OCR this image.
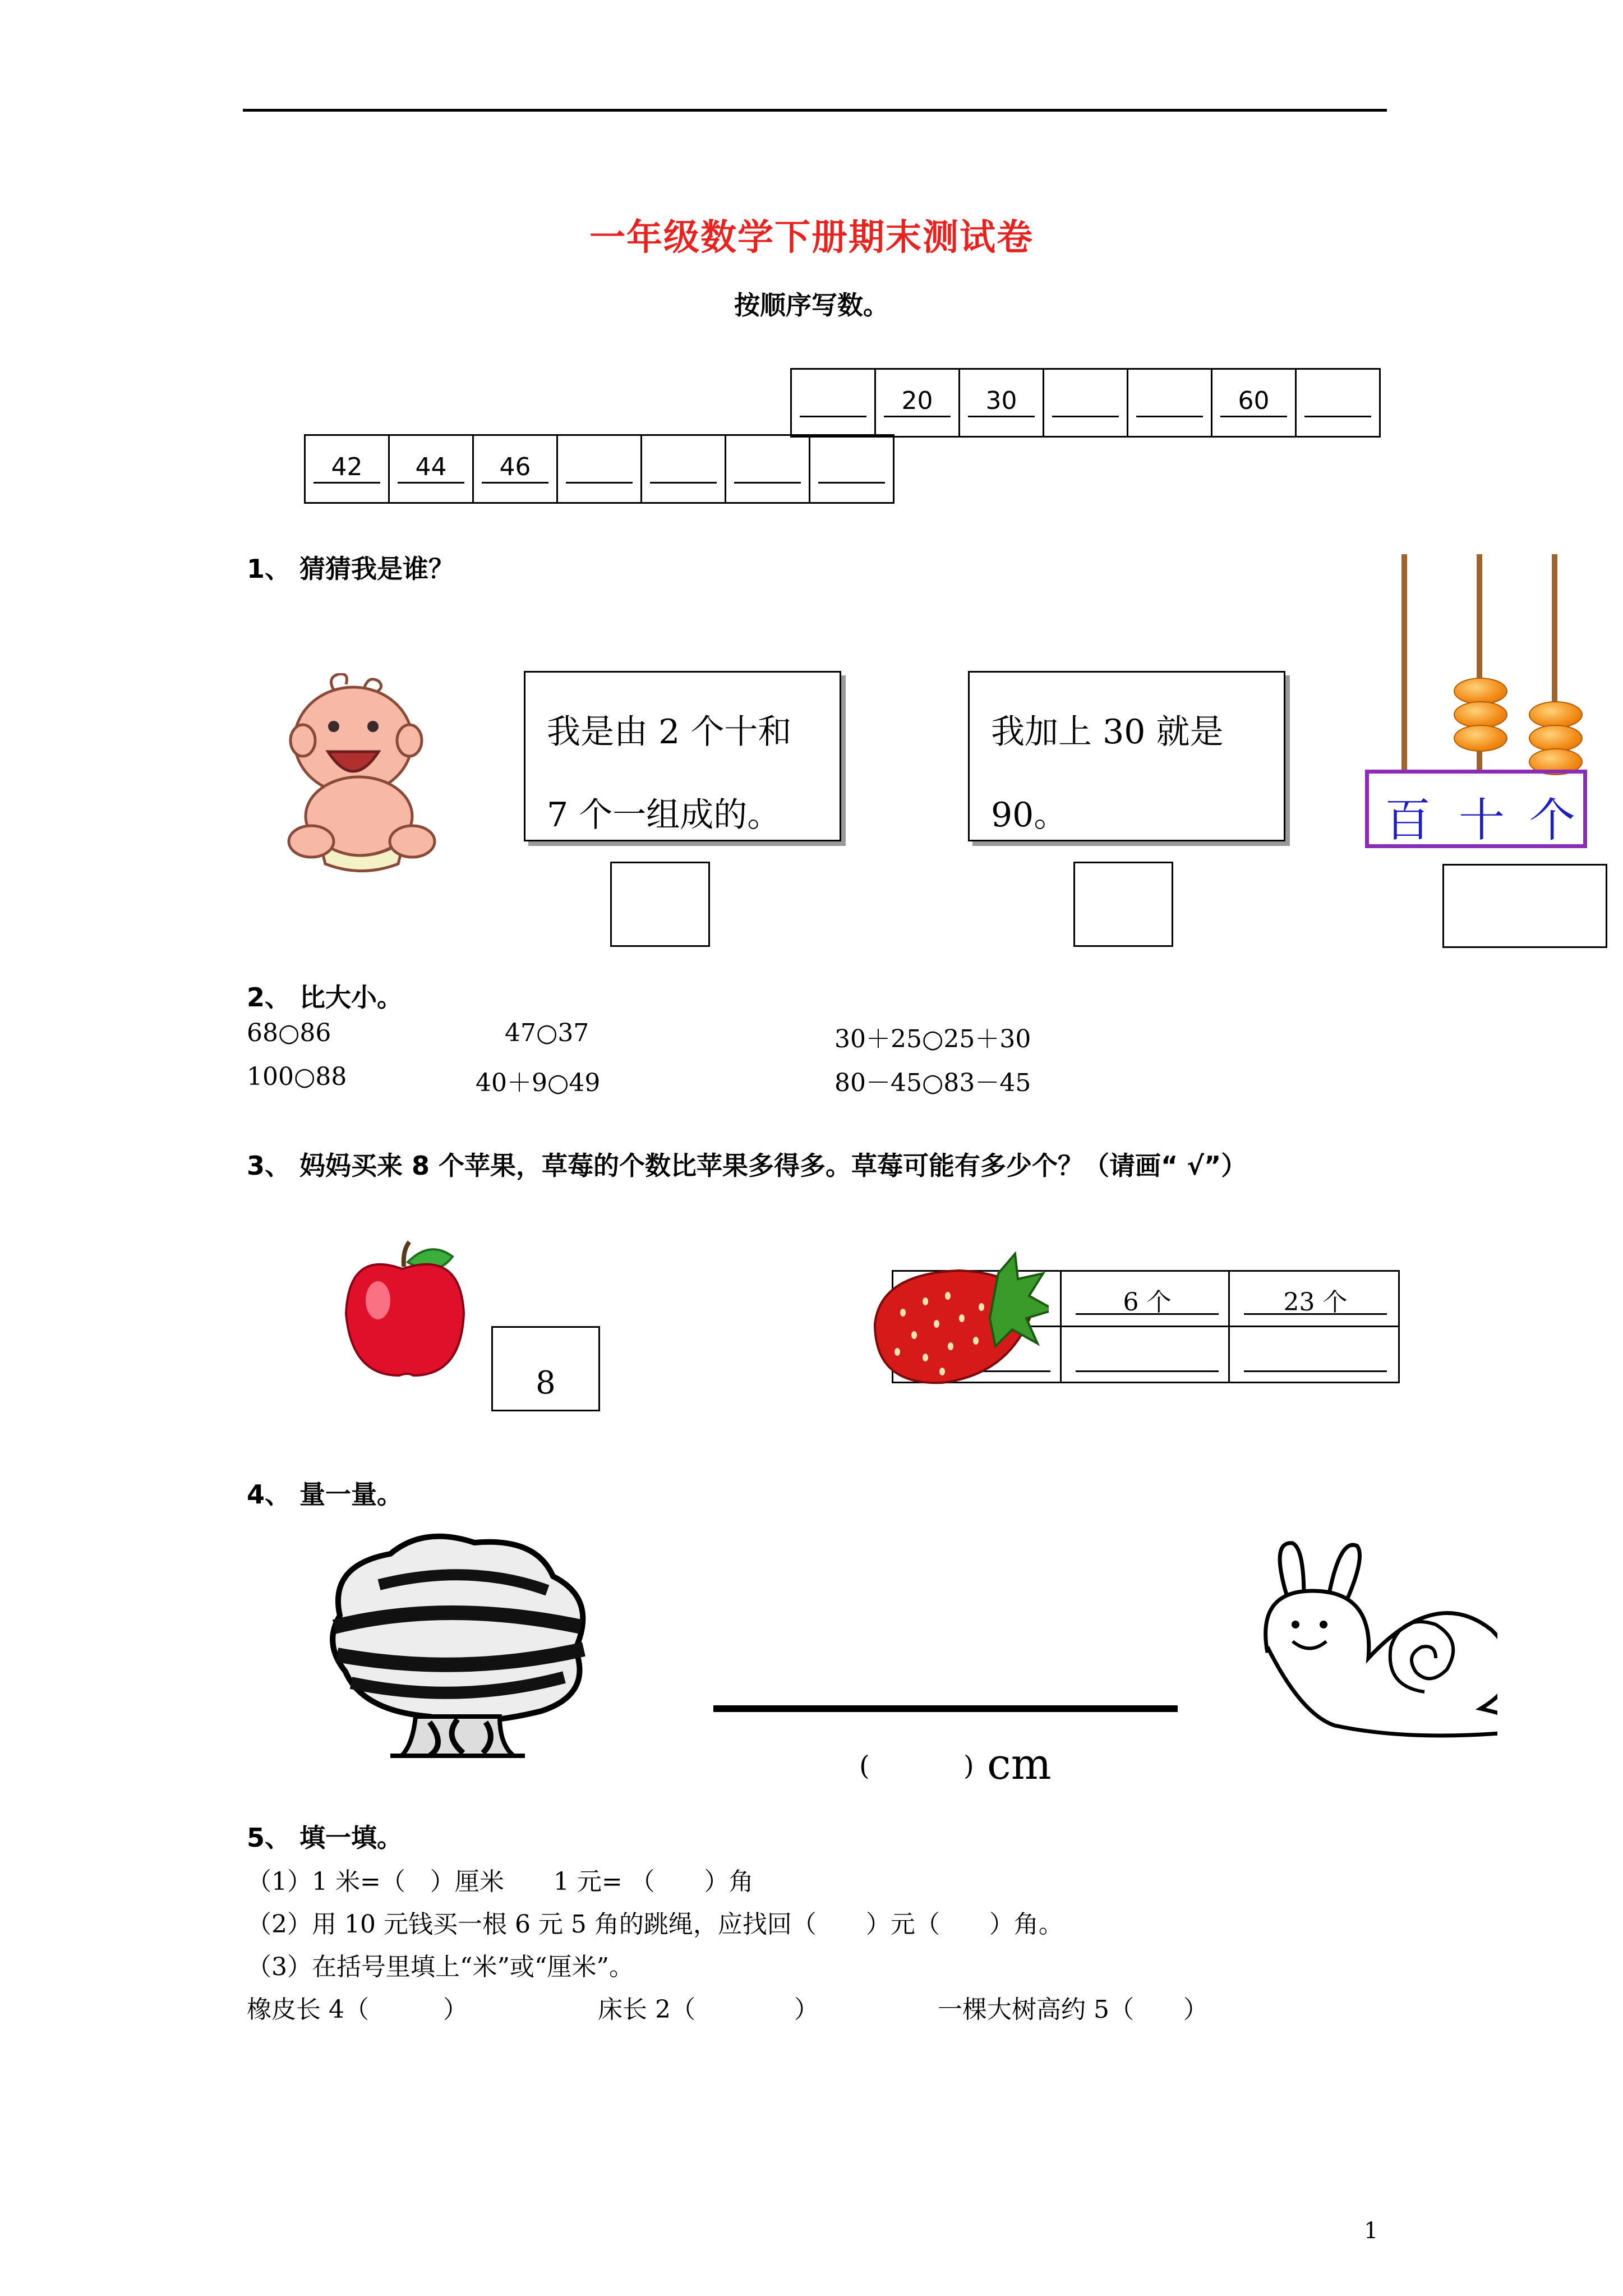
一年级数学下册期末测试卷
按顺序写数。
20	30	60
42	44	46
1、 猜猜我是谁？
我是由 2 个十和
7 个一组成的。
我加上 30 就是
90。	百 十 个
2、 比大小。
68○86	47○37	30＋25○25＋30
100○88	40＋9○49	80－45○83－45
3、 妈妈买来 8 个苹果，草莓的个数比苹果多得多。草莓可能有多少个？（请画“ √”）
8
6 个	23 个
4、 量一量。
(	) cm
5、 填一填。
（1）1 米=（　）厘米　　1 元= （　　）角
（2）用 10 元钱买一根 6 元 5 角的跳绳，应找回（　　）元（　　）角。
（3）在括号里填上“米”或“厘米”。
橡皮长 4（　　　）	床长 2（　　　　）	一棵大树高约 5（　　）
1
